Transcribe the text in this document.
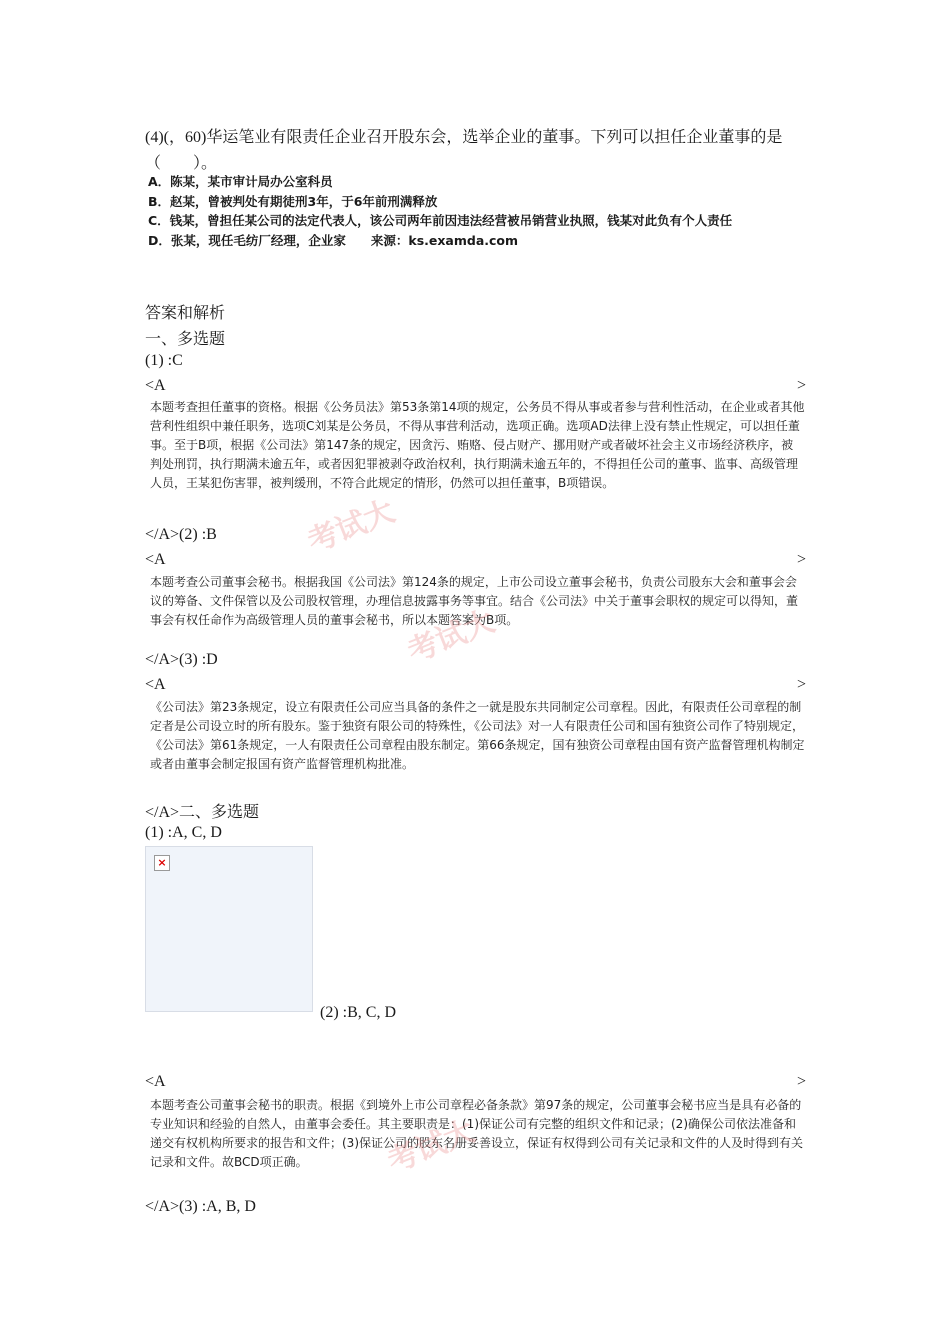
(4)(，60)华运笔业有限责任企业召开股东会，选举企业的董事。下列可以担任企业董事的是（　　）。
A．陈某，某市审计局办公室科员
B．赵某，曾被判处有期徒刑3年，于6年前刑满释放
C．钱某，曾担任某公司的法定代表人，该公司两年前因违法经营被吊销营业执照，钱某对此负有个人责任
D．张某，现任毛纺厂经理，企业家　　来源：ks.examda.com
答案和解析
一、多选题
(1) :C
<A	>
本题考查担任董事的资格。根据《公务员法》第53条第14项的规定，公务员不得从事或者参与营利性活动，在企业或者其他营利性组织中兼任职务，选项C刘某是公务员，不得从事营利活动，选项正确。选项AD法律上没有禁止性规定，可以担任董事。至于B项，根据《公司法》第147条的规定，因贪污、贿赂、侵占财产、挪用财产或者破坏社会主义市场经济秩序，被判处刑罚，执行期满未逾五年，或者因犯罪被剥夺政治权利，执行期满未逾五年的，不得担任公司的董事、监事、高级管理人员，王某犯伤害罪，被判缓刑，不符合此规定的情形，仍然可以担任董事，B项错误。
</A>(2) :B
<A	>
本题考查公司董事会秘书。根据我国《公司法》第124条的规定，上市公司设立董事会秘书，负责公司股东大会和董事会会议的筹备、文件保管以及公司股权管理，办理信息披露事务等事宜。结合《公司法》中关于董事会职权的规定可以得知，董事会有权任命作为高级管理人员的董事会秘书，所以本题答案为B项。
</A>(3) :D
<A	>
《公司法》第23条规定，设立有限责任公司应当具备的条件之一就是股东共同制定公司章程。因此，有限责任公司章程的制定者是公司设立时的所有股东。鉴于独资有限公司的特殊性，《公司法》对一人有限责任公司和国有独资公司作了特别规定，《公司法》第61条规定，一人有限责任公司章程由股东制定。第66条规定，国有独资公司章程由国有资产监督管理机构制定或者由董事会制定报国有资产监督管理机构批准。
</A>二、多选题
(1) :A, C, D
×
(2) :B, C, D
<A	>
本题考查公司董事会秘书的职责。根据《到境外上市公司章程必备条款》第97条的规定，公司董事会秘书应当是具有必备的专业知识和经验的自然人，由董事会委任。其主要职责是：(1)保证公司有完整的组织文件和记录；(2)确保公司依法准备和递交有权机构所要求的报告和文件；(3)保证公司的股东名册妥善设立，保证有权得到公司有关记录和文件的人及时得到有关记录和文件。故BCD项正确。
</A>(3) :A, B, D
考试大
考试大
考试大
